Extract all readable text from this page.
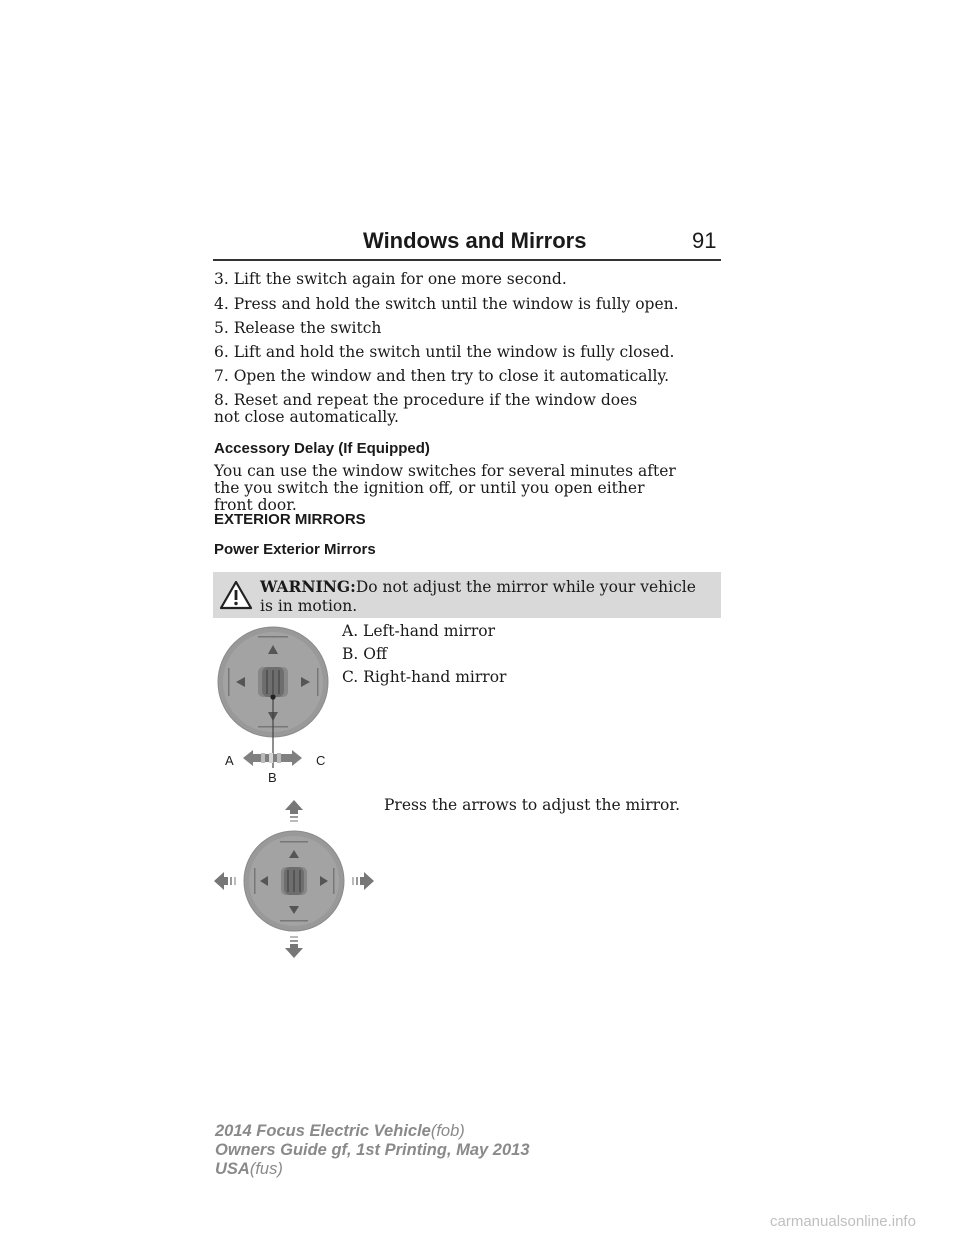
Windows and Mirrors	91
3. Lift the switch again for one more second.
4. Press and hold the switch until the window is fully open.
5. Release the switch
6. Lift and hold the switch until the window is fully closed.
7. Open the window and then try to close it automatically.
8. Reset and repeat the procedure if the window does not close automatically.
Accessory Delay (If Equipped)
You can use the window switches for several minutes after the you switch the ignition off, or until you open either front door.
EXTERIOR MIRRORS
Power Exterior Mirrors
WARNING:Do not adjust the mirror while your vehicle is in motion.
A
B
C
A. Left-hand mirror
B. Off
C. Right-hand mirror
Press the arrows to adjust the mirror.
2014 Focus Electric Vehicle(fob)
Owners Guide gf, 1st Printing, May 2013
USA(fus)
carmanualsonline.info
